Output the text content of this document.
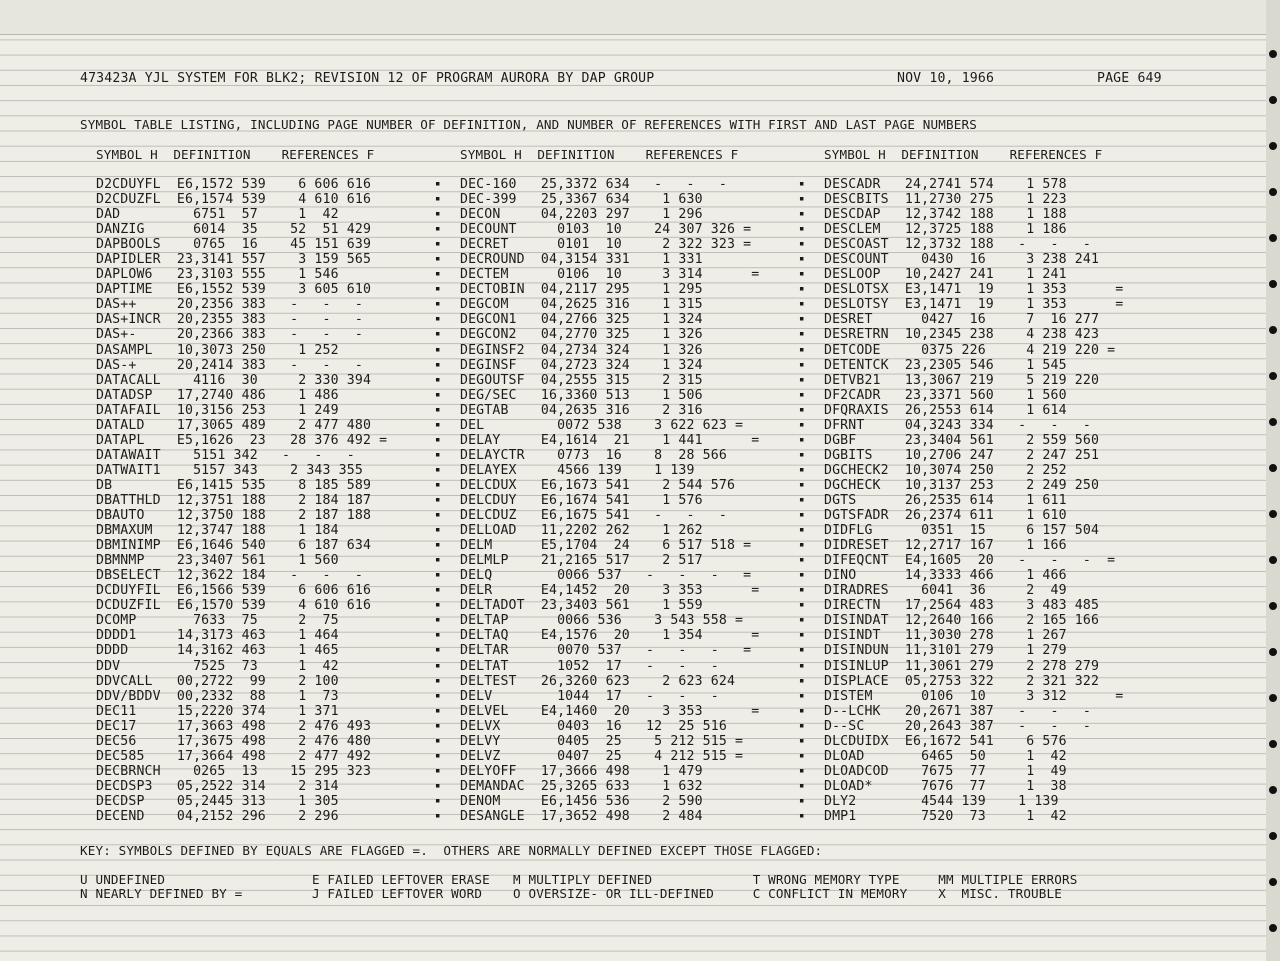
473423A YJL SYSTEM FOR BLK2; REVISION 12 OF PROGRAM AURORA BY DAP GROUP	NOV 10, 1966	PAGE 649
SYMBOL TABLE LISTING, INCLUDING PAGE NUMBER OF DEFINITION, AND NUMBER OF REFERENCES WITH FIRST AND LAST PAGE NUMBERS
SYMBOL H  DEFINITION    REFERENCES F	SYMBOL H  DEFINITION    REFERENCES F	SYMBOL H  DEFINITION    REFERENCES F
D2CDUYFL  E6,1572 539    6 606 616
D2CDUZFL  E6,1574 539    4 610 616
DAD         6751  57     1  42
DANZIG      6014  35    52  51 429
DAPBOOLS    0765  16    45 151 639
DAPIDLER  23,3141 557    3 159 565
DAPLOW6   23,3103 555    1 546
DAPTIME   E6,1552 539    3 605 610
DAS++     20,2356 383   -   -   -
DAS+INCR  20,2355 383   -   -   -
DAS+-     20,2366 383   -   -   -
DASAMPL   10,3073 250    1 252
DAS-+     20,2414 383   -   -   -
DATACALL    4116  30     2 330 394
DATADSP   17,2740 486    1 486
DATAFAIL  10,3156 253    1 249
DATALD    17,3065 489    2 477 480
DATAPL    E5,1626  23   28 376 492 =
DATAWAIT    5151 342   -   -   -
DATWAIT1    5157 343    2 343 355
DB        E6,1415 535    8 185 589
DBATTHLD  12,3751 188    2 184 187
DBAUTO    12,3750 188    2 187 188
DBMAXUM   12,3747 188    1 184
DBMINIMP  E6,1646 540    6 187 634
DBMNMP    23,3407 561    1 560
DBSELECT  12,3622 184   -   -   -
DCDUYFIL  E6,1566 539    6 606 616
DCDUZFIL  E6,1570 539    4 610 616
DCOMP       7633  75     2  75
DDDD1     14,3173 463    1 464
DDDD      14,3162 463    1 465
DDV         7525  73     1  42
DDVCALL   00,2722  99    2 100
DDV/BDDV  00,2332  88    1  73
DEC11     15,2220 374    1 371
DEC17     17,3663 498    2 476 493
DEC56     17,3675 498    2 476 480
DEC585    17,3664 498    2 477 492
DECBRNCH    0265  13    15 295 323
DECDSP3   05,2522 314    2 314
DECDSP    05,2445 313    1 305
DECEND    04,2152 296    2 296
DEC-160   25,3372 634   -   -   -
DEC-399   25,3367 634    1 630
DECON     04,2203 297    1 296
DECOUNT     0103  10    24 307 326 =
DECRET      0101  10     2 322 323 =
DECROUND  04,3154 331    1 331
DECTEM      0106  10     3 314      =
DECTOBIN  04,2117 295    1 295
DEGCOM    04,2625 316    1 315
DEGCON1   04,2766 325    1 324
DEGCON2   04,2770 325    1 326
DEGINSF2  04,2734 324    1 326
DEGINSF   04,2723 324    1 324
DEGOUTSF  04,2555 315    2 315
DEG/SEC   16,3360 513    1 506
DEGTAB    04,2635 316    2 316
DEL         0072 538    3 622 623 =
DELAY     E4,1614  21    1 441      =
DELAYCTR    0773  16    8  28 566
DELAYEX     4566 139    1 139
DELCDUX   E6,1673 541    2 544 576
DELCDUY   E6,1674 541    1 576
DELCDUZ   E6,1675 541   -   -   -
DELLOAD   11,2202 262    1 262
DELM      E5,1704  24    6 517 518 =
DELMLP    21,2165 517    2 517
DELQ        0066 537   -   -   -   =
DELR      E4,1452  20    3 353      =
DELTADOT  23,3403 561    1 559
DELTAP      0066 536    3 543 558 =
DELTAQ    E4,1576  20    1 354      =
DELTAR      0070 537   -   -   -   =
DELTAT      1052  17   -   -   -
DELTEST   26,3260 623    2 623 624
DELV        1044  17   -   -   -
DELVEL    E4,1460  20    3 353      =
DELVX       0403  16   12  25 516
DELVY       0405  25    5 212 515 =
DELVZ       0407  25    4 212 515 =
DELYOFF   17,3666 498    1 479
DEMANDAC  25,3265 633    1 632
DENOM     E6,1456 536    2 590
DESANGLE  17,3652 498    2 484
DESCADR   24,2741 574    1 578
DESCBITS  11,2730 275    1 223
DESCDAP   12,3742 188    1 188
DESCLEM   12,3725 188    1 186
DESCOAST  12,3732 188   -   -   -
DESCOUNT    0430  16     3 238 241
DESLOOP   10,2427 241    1 241
DESLOTSX  E3,1471  19    1 353      =
DESLOTSY  E3,1471  19    1 353      =
DESRET      0427  16     7  16 277
DESRETRN  10,2345 238    4 238 423
DETCODE     0375 226     4 219 220 =
DETENTCK  23,2305 546    1 545
DETVB21   13,3067 219    5 219 220
DF2CADR   23,3371 560    1 560
DFQRAXIS  26,2553 614    1 614
DFRNT     04,3243 334   -   -   -
DGBF      23,3404 561    2 559 560
DGBITS    10,2706 247    2 247 251
DGCHECK2  10,3074 250    2 252
DGCHECK   10,3137 253    2 249 250
DGTS      26,2535 614    1 611
DGTSFADR  26,2374 611    1 610
DIDFLG      0351  15     6 157 504
DIDRESET  12,2717 167    1 166
DIFEQCNT  E4,1605  20   -   -   -  =
DINO      14,3333 466    1 466
DIRADRES    6041  36     2  49
DIRECTN   17,2564 483    3 483 485
DISINDAT  12,2640 166    2 165 166
DISINDT   11,3030 278    1 267
DISINDUN  11,3101 279    1 279
DISINLUP  11,3061 279    2 278 279
DISPLACE  05,2753 322    2 321 322
DISTEM      0106  10     3 312      =
D--LCHK   20,2671 387   -   -   -
D--SC     20,2643 387   -   -   -
DLCDUIDX  E6,1672 541    6 576
DLOAD       6465  50     1  42
DLOADCOD    7675  77     1  49
DLOAD*      7676  77     1  38
DLY2        4544 139    1 139
DMP1        7520  73     1  42
▪
▪
▪
▪
▪
▪
▪
▪
▪
▪
▪
▪
▪
▪
▪
▪
▪
▪
▪
▪
▪
▪
▪
▪
▪
▪
▪
▪
▪
▪
▪
▪
▪
▪
▪
▪
▪
▪
▪
▪
▪
▪
▪
▪
▪
▪
▪
▪
▪
▪
▪
▪
▪
▪
▪
▪
▪
▪
▪
▪
▪
▪
▪
▪
▪
▪
▪
▪
▪
▪
▪
▪
▪
▪
▪
▪
▪
▪
▪
▪
▪
▪
▪
▪
▪
▪
KEY: SYMBOLS DEFINED BY EQUALS ARE FLAGGED =.  OTHERS ARE NORMALLY DEFINED EXCEPT THOSE FLAGGED:
U UNDEFINED                   E FAILED LEFTOVER ERASE   M MULTIPLY DEFINED             T WRONG MEMORY TYPE     MM MULTIPLE ERRORS
N NEARLY DEFINED BY =         J FAILED LEFTOVER WORD    O OVERSIZE- OR ILL-DEFINED     C CONFLICT IN MEMORY    X  MISC. TROUBLE
